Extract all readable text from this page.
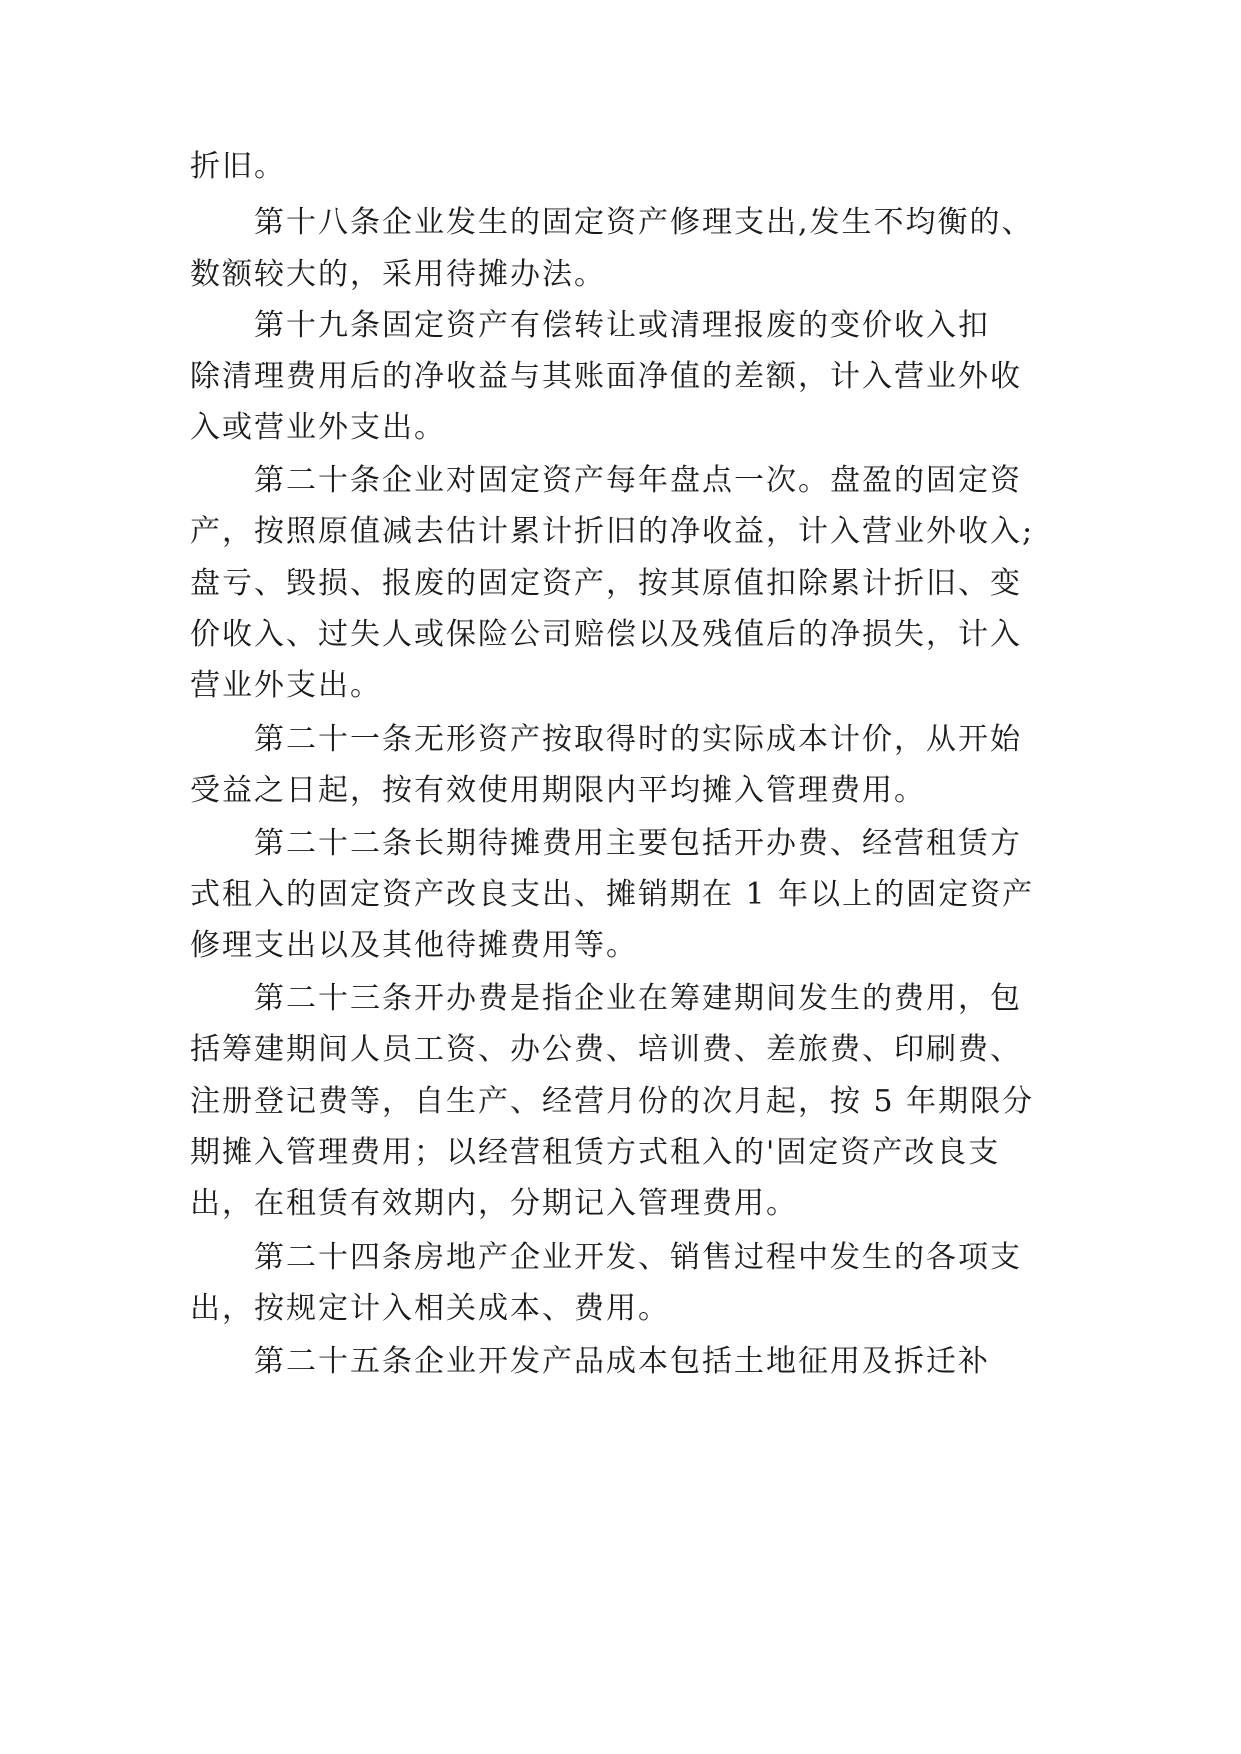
折旧。
第十八条企业发生的固定资产修理支出,发生不均衡的、
数额较大的，采用待摊办法。
第十九条固定资产有偿转让或清理报废的变价收入扣
除清理费用后的净收益与其账面净值的差额，计入营业外收
入或营业外支出。
第二十条企业对固定资产每年盘点一次。盘盈的固定资
产，按照原值减去估计累计折旧的净收益，计入营业外收入;
盘亏、毁损、报废的固定资产，按其原值扣除累计折旧、变
价收入、过失人或保险公司赔偿以及残值后的净损失，计入
营业外支出。
第二十一条无形资产按取得时的实际成本计价，从开始
受益之日起，按有效使用期限内平均摊入管理费用。
第二十二条长期待摊费用主要包括开办费、经营租赁方
式租入的固定资产改良支出、摊销期在 1 年以上的固定资产
修理支出以及其他待摊费用等。
第二十三条开办费是指企业在筹建期间发生的费用，包
括筹建期间人员工资、办公费、培训费、差旅费、印刷费、
注册登记费等，自生产、经营月份的次月起，按 5 年期限分
期摊入管理费用；以经营租赁方式租入的'固定资产改良支
出，在租赁有效期内，分期记入管理费用。
第二十四条房地产企业开发、销售过程中发生的各项支
出，按规定计入相关成本、费用。
第二十五条企业开发产品成本包括土地征用及拆迁补
